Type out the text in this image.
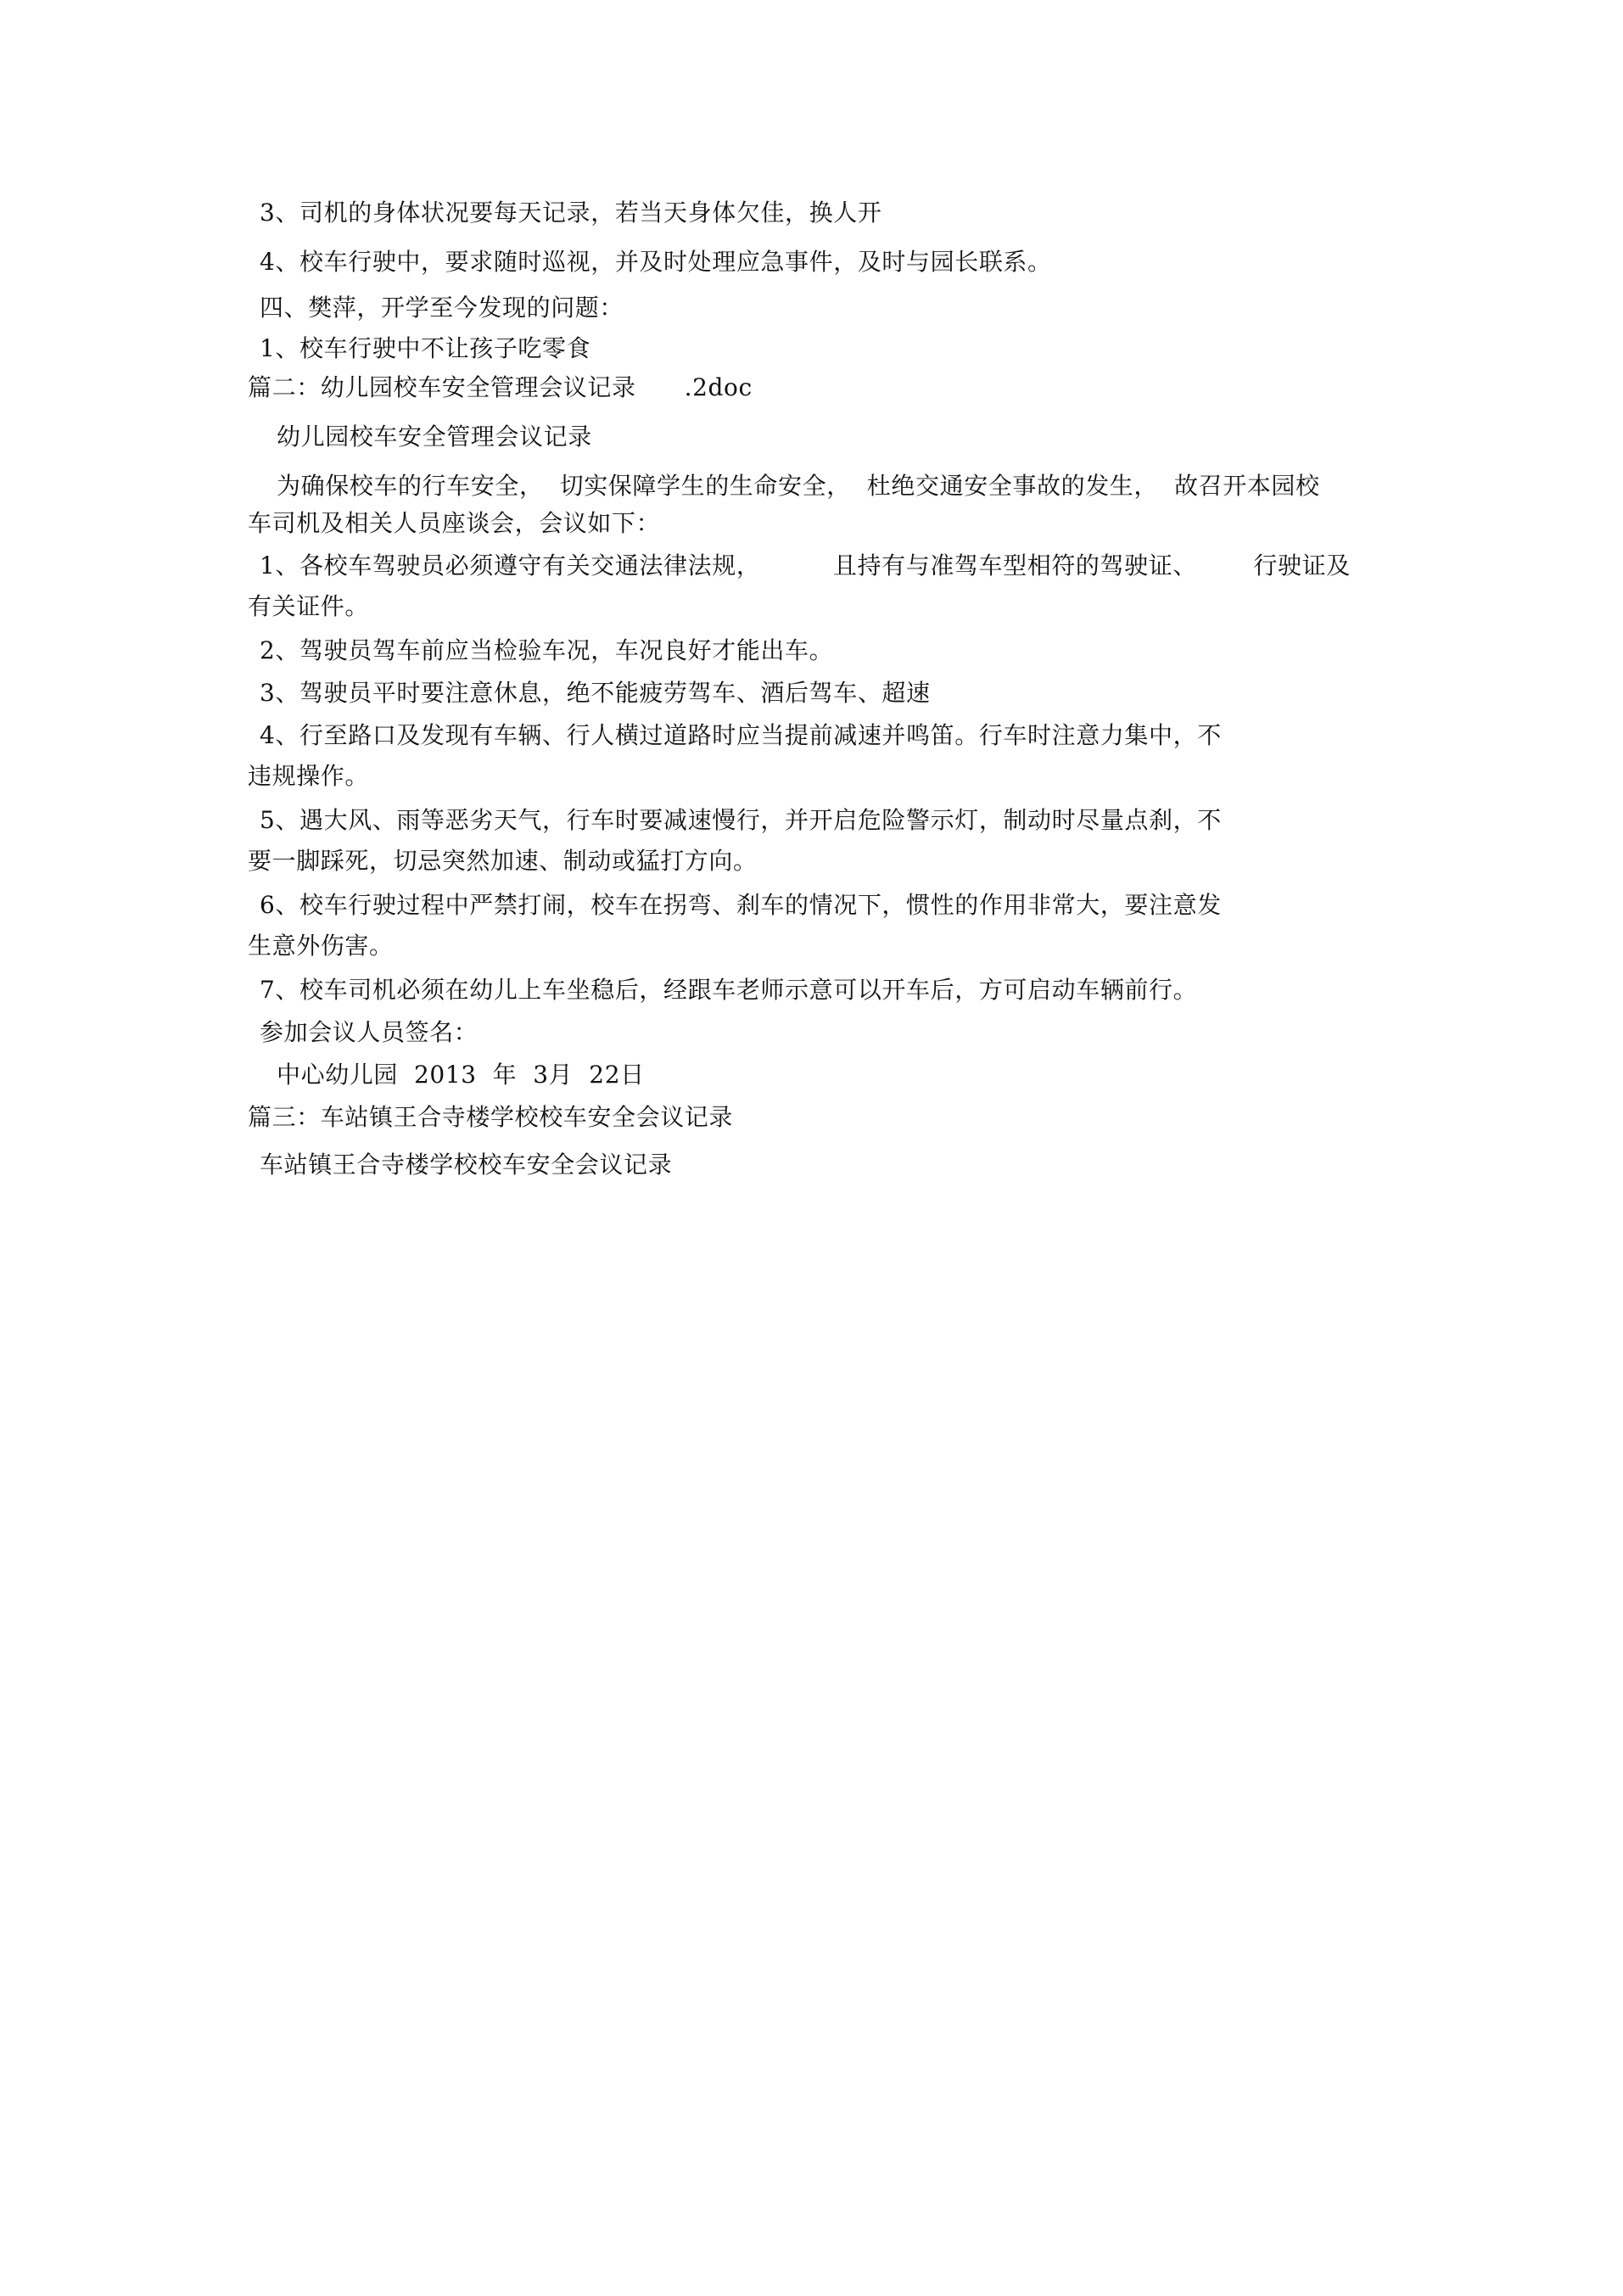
3、司机的身体状况要每天记录，若当天身体欠佳，换人开
4、校车行驶中，要求随时巡视，并及时处理应急事件，及时与园长联系。
四、樊萍，开学至今发现的问题：
1、校车行驶中不让孩子吃零食
篇二：幼儿园校车安全管理会议记录      .2doc
幼儿园校车安全管理会议记录
为确保校车的行车安全，  切实保障学生的生命安全，  杜绝交通安全事故的发生，  故召开本园校
车司机及相关人员座谈会，会议如下：
1、各校车驾驶员必须遵守有关交通法律法规，         且持有与准驾车型相符的驾驶证、       行驶证及
有关证件。
2、驾驶员驾车前应当检验车况，车况良好才能出车。
3、驾驶员平时要注意休息，绝不能疲劳驾车、酒后驾车、超速
4、行至路口及发现有车辆、行人横过道路时应当提前减速并鸣笛。行车时注意力集中，不
违规操作。
5、遇大风、雨等恶劣天气，行车时要减速慢行，并开启危险警示灯，制动时尽量点刹，不
要一脚踩死，切忌突然加速、制动或猛打方向。
6、校车行驶过程中严禁打闹，校车在拐弯、刹车的情况下，惯性的作用非常大，要注意发
生意外伤害。
7、校车司机必须在幼儿上车坐稳后，经跟车老师示意可以开车后，方可启动车辆前行。
参加会议人员签名：
中心幼儿园  2013  年  3月  22日
篇三：车站镇王合寺楼学校校车安全会议记录
车站镇王合寺楼学校校车安全会议记录
